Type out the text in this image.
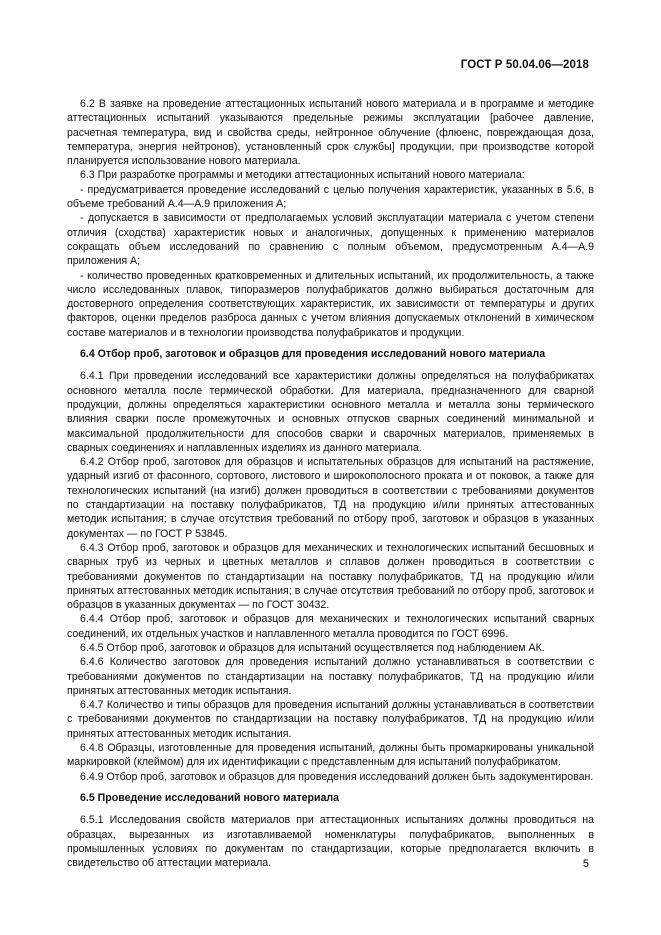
ГОСТ Р 50.04.06—2018

6.2 В заявке на проведение аттестационных испытаний нового материала и в программе и методике аттестационных испытаний указываются предельные режимы эксплуатации [рабочее давление, расчетная температура, вид и свойства среды, нейтронное облучение (флюенс, повреждающая доза, температура, энергия нейтронов), установленный срок службы] продукции, при производстве которой планируется использование нового материала.

6.3 При разработке программы и методики аттестационных испытаний нового материала:

- предусматривается проведение исследований с целью получения характеристик, указанных в 5.6, в объеме требований А.4—А.9 приложения А;

- допускается в зависимости от предполагаемых условий эксплуатации материала с учетом степени отличия (сходства) характеристик новых и аналогичных, допущенных к применению материалов сокращать объем исследований по сравнению с полным объемом, предусмотренным А.4—А.9 приложения А;

- количество проведенных кратковременных и длительных испытаний, их продолжительность, а также число исследованных плавок, типоразмеров полуфабрикатов должно выбираться достаточным для достоверного определения соответствующих характеристик, их зависимости от температуры и других факторов, оценки пределов разброса данных с учетом влияния допускаемых отклонений в химическом составе материалов и в технологии производства полуфабрикатов и продукции.

6.4 Отбор проб, заготовок и образцов для проведения исследований нового материала

6.4.1 При проведении исследований все характеристики должны определяться на полуфабрикатах основного металла после термической обработки. Для материала, предназначенного для сварной продукции, должны определяться характеристики основного металла и металла зоны термического влияния сварки после промежуточных и основных отпусков сварных соединений минимальной и максимальной продолжительности для способов сварки и сварочных материалов, применяемых в сварных соединениях и наплавленных изделиях из данного материала.

6.4.2 Отбор проб, заготовок для образцов и испытательных образцов для испытаний на растяжение, ударный изгиб от фасонного, сортового, листового и широкополосного проката и от поковок, а также для технологических испытаний (на изгиб) должен проводиться в соответствии с требованиями документов по стандартизации на поставку полуфабрикатов, ТД на продукцию и/или принятых аттестованных методик испытания; в случае отсутствия требований по отбору проб, заготовок и образцов в указанных документах — по ГОСТ Р 53845.

6.4.3 Отбор проб, заготовок и образцов для механических и технологических испытаний бесшовных и сварных труб из черных и цветных металлов и сплавов должен проводиться в соответствии с требованиями документов по стандартизации на поставку полуфабрикатов, ТД на продукцию и/или принятых аттестованных методик испытания; в случае отсутствия требований по отбору проб, заготовок и образцов в указанных документах — по ГОСТ 30432.

6.4.4 Отбор проб, заготовок и образцов для механических и технологических испытаний сварных соединений, их отдельных участков и наплавленного металла проводится по ГОСТ 6996.

6.4.5 Отбор проб, заготовок и образцов для испытаний осуществляется под наблюдением АК.

6.4.6 Количество заготовок для проведения испытаний должно устанавливаться в соответствии с требованиями документов по стандартизации на поставку полуфабрикатов, ТД на продукцию и/или принятых аттестованных методик испытания.

6.4.7 Количество и типы образцов для проведения испытаний должны устанавливаться в соответствии с требованиями документов по стандартизации на поставку полуфабрикатов, ТД на продукцию и/или принятых аттестованных методик испытания.

6.4.8 Образцы, изготовленные для проведения испытаний, должны быть промаркированы уникальной маркировкой (клеймом) для их идентификации с представленным для испытаний полуфабрикатом.

6.4.9 Отбор проб, заготовок и образцов для проведения исследований должен быть задокументирован.

6.5 Проведение исследований нового материала

6.5.1 Исследования свойств материалов при аттестационных испытаниях должны проводиться на образцах, вырезанных из изготавливаемой номенклатуры полуфабрикатов, выполненных в промышленных условиях по документам по стандартизации, которые предполагается включить в свидетельство об аттестации материала.	5
